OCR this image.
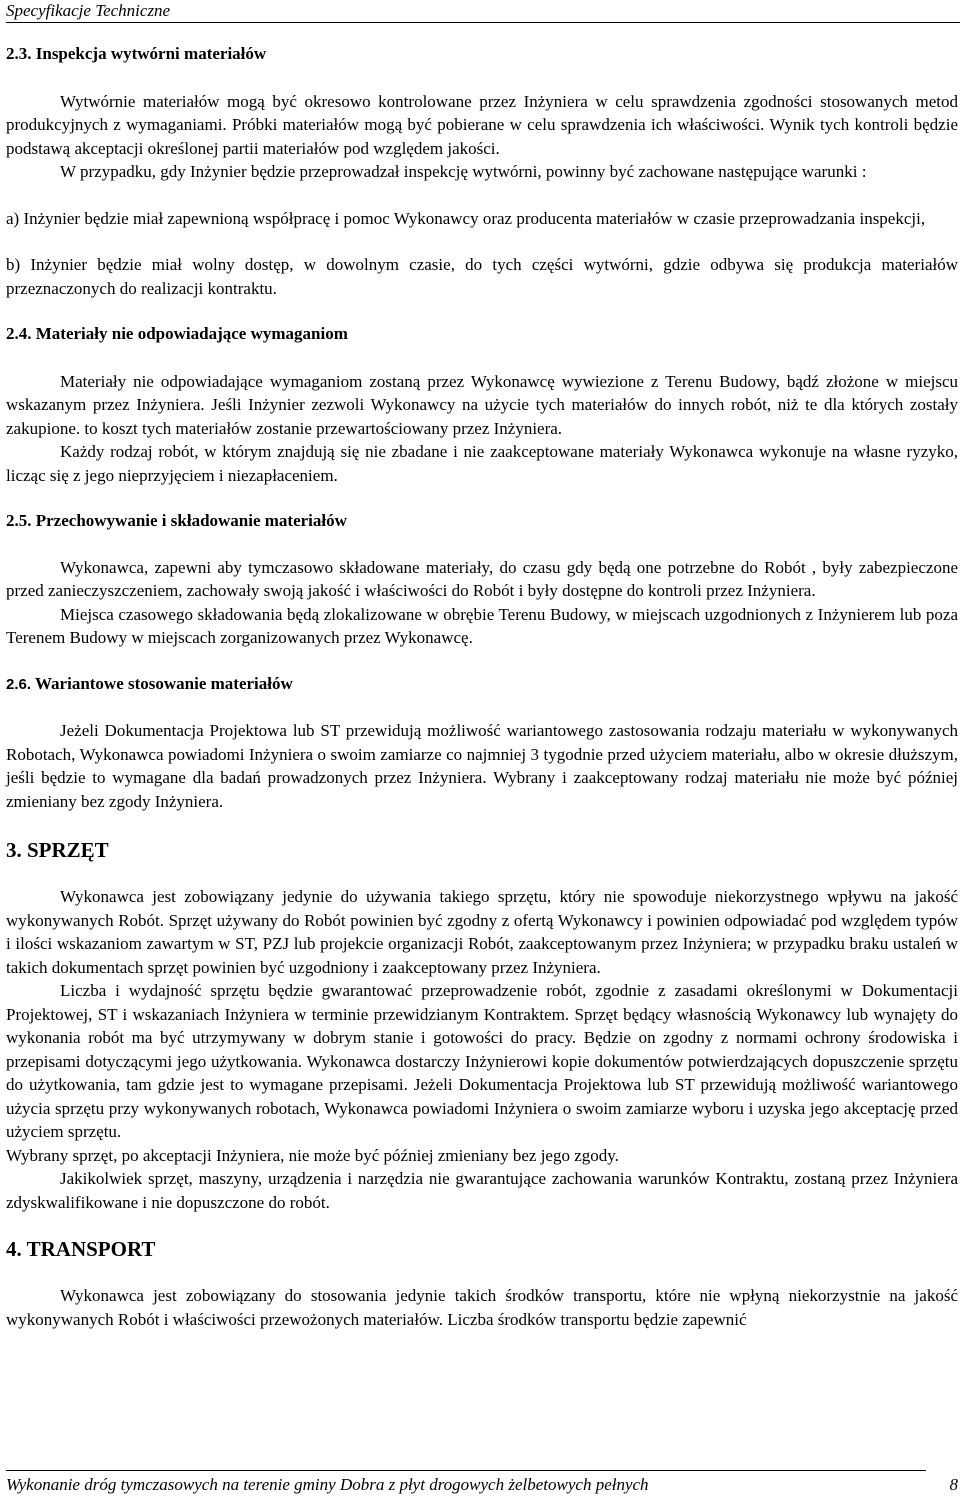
Specyfikacje Techniczne
2.3. Inspekcja wytwórni materiałów

Wytwórnie materiałów mogą być okresowo kontrolowane przez Inżyniera w celu sprawdzenia zgodności stosowanych metod produkcyjnych z wymaganiami. Próbki materiałów mogą być pobierane w celu sprawdzenia ich właściwości. Wynik tych kontroli będzie podstawą akceptacji określonej partii materiałów pod względem jakości.

W przypadku, gdy Inżynier będzie przeprowadzał inspekcję wytwórni, powinny być zachowane następujące warunki :

a) Inżynier będzie miał zapewnioną współpracę i pomoc Wykonawcy oraz producenta materiałów w czasie przeprowadzania inspekcji,

b) Inżynier będzie miał wolny dostęp, w dowolnym czasie, do tych części wytwórni, gdzie odbywa się produkcja materiałów przeznaczonych do realizacji kontraktu.

2.4. Materiały nie odpowiadające wymaganiom

Materiały nie odpowiadające wymaganiom zostaną przez Wykonawcę wywiezione z Terenu Budowy, bądź złożone w miejscu wskazanym przez Inżyniera. Jeśli Inżynier zezwoli Wykonawcy na użycie tych materiałów do innych robót, niż te dla których zostały zakupione. to koszt tych materiałów zostanie przewartościowany przez Inżyniera.

Każdy rodzaj robót, w którym znajdują się nie zbadane i nie zaakceptowane materiały Wykonawca wykonuje na własne ryzyko, licząc się z jego nieprzyjęciem i niezapłaceniem.

2.5. Przechowywanie i składowanie materiałów

Wykonawca, zapewni aby tymczasowo składowane materiały, do czasu gdy będą one potrzebne do Robót , były zabezpieczone przed zanieczyszczeniem, zachowały swoją jakość i właściwości do Robót i były dostępne do kontroli przez Inżyniera.

Miejsca czasowego składowania będą zlokalizowane w obrębie Terenu Budowy, w miejscach uzgodnionych z Inżynierem lub poza Terenem Budowy w miejscach zorganizowanych przez Wykonawcę.

2.6. Wariantowe stosowanie materiałów

Jeżeli Dokumentacja Projektowa lub ST przewidują możliwość wariantowego zastosowania rodzaju materiału w wykonywanych Robotach, Wykonawca powiadomi Inżyniera o swoim zamiarze co najmniej 3 tygodnie przed użyciem materiału, albo w okresie dłuższym, jeśli będzie to wymagane dla badań prowadzonych przez Inżyniera. Wybrany i zaakceptowany rodzaj materiału nie może być później zmieniany bez zgody Inżyniera.

3. SPRZĘT

Wykonawca jest zobowiązany jedynie do używania takiego sprzętu, który nie spowoduje niekorzystnego wpływu na jakość wykonywanych Robót. Sprzęt używany do Robót powinien być zgodny z ofertą Wykonawcy i powinien odpowiadać pod względem typów i ilości wskazaniom zawartym w ST, PZJ lub projekcie organizacji Robót, zaakceptowanym przez Inżyniera; w przypadku braku ustaleń w takich dokumentach sprzęt powinien być uzgodniony i zaakceptowany przez Inżyniera.

Liczba i wydajność sprzętu będzie gwarantować przeprowadzenie robót, zgodnie z zasadami określonymi w Dokumentacji Projektowej, ST i wskazaniach Inżyniera w terminie przewidzianym Kontraktem. Sprzęt będący własnością Wykonawcy lub wynajęty do wykonania robót ma być utrzymywany w dobrym stanie i gotowości do pracy. Będzie on zgodny z normami ochrony środowiska i przepisami dotyczącymi jego użytkowania. Wykonawca dostarczy Inżynierowi kopie dokumentów potwierdzających dopuszczenie sprzętu do użytkowania, tam gdzie jest to wymagane przepisami. Jeżeli Dokumentacja Projektowa lub ST przewidują możliwość wariantowego użycia sprzętu przy wykonywanych robotach, Wykonawca powiadomi Inżyniera o swoim zamiarze wyboru i uzyska jego akceptację przed użyciem sprzętu.

Wybrany sprzęt, po akceptacji Inżyniera, nie może być później zmieniany bez jego zgody.

Jakikolwiek sprzęt, maszyny, urządzenia i narzędzia nie gwarantujące zachowania warunków Kontraktu, zostaną przez Inżyniera zdyskwalifikowane i nie dopuszczone do robót.

4. TRANSPORT

Wykonawca jest zobowiązany do stosowania jedynie takich środków transportu, które nie wpłyną niekorzystnie na jakość wykonywanych Robót i właściwości przewożonych materiałów. Liczba środków transportu będzie zapewnić

Wykonanie dróg tymczasowych na terenie gminy Dobra z płyt drogowych żelbetowych pełnych	8
